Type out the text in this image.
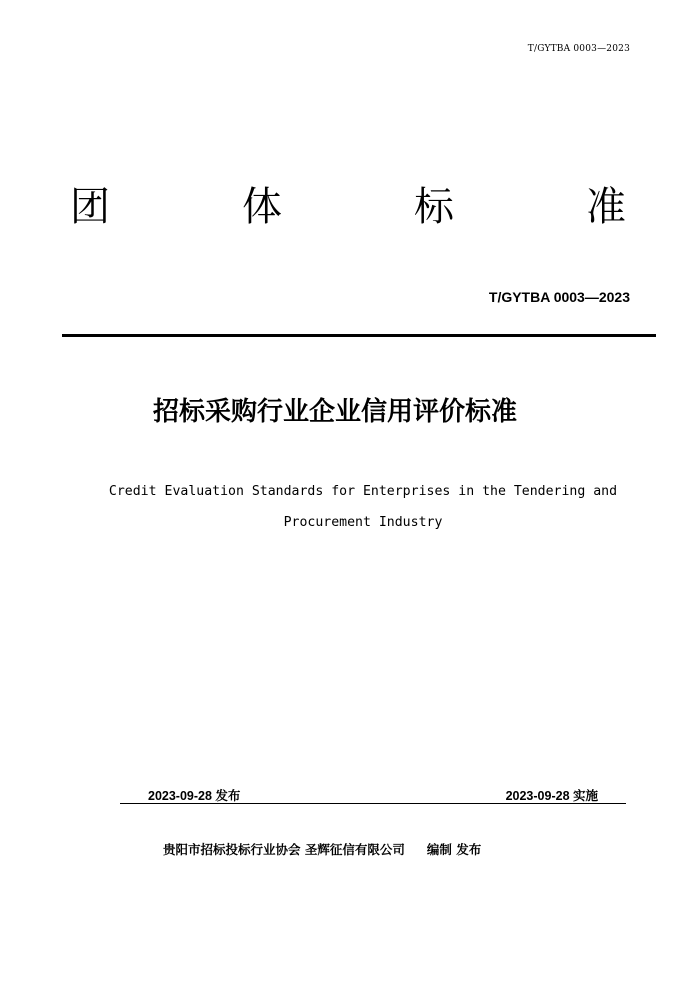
T/GYTBA 0003—2023
团	体	标	准
T/GYTBA 0003—2023
招标采购行业企业信用评价标准
Credit Evaluation Standards for Enterprises in the Tendering and
Procurement Industry
2023-09-28 发布	2023-09-28 实施
贵阳市招标投标行业协会 圣辉征信有限公司 编制 发布
